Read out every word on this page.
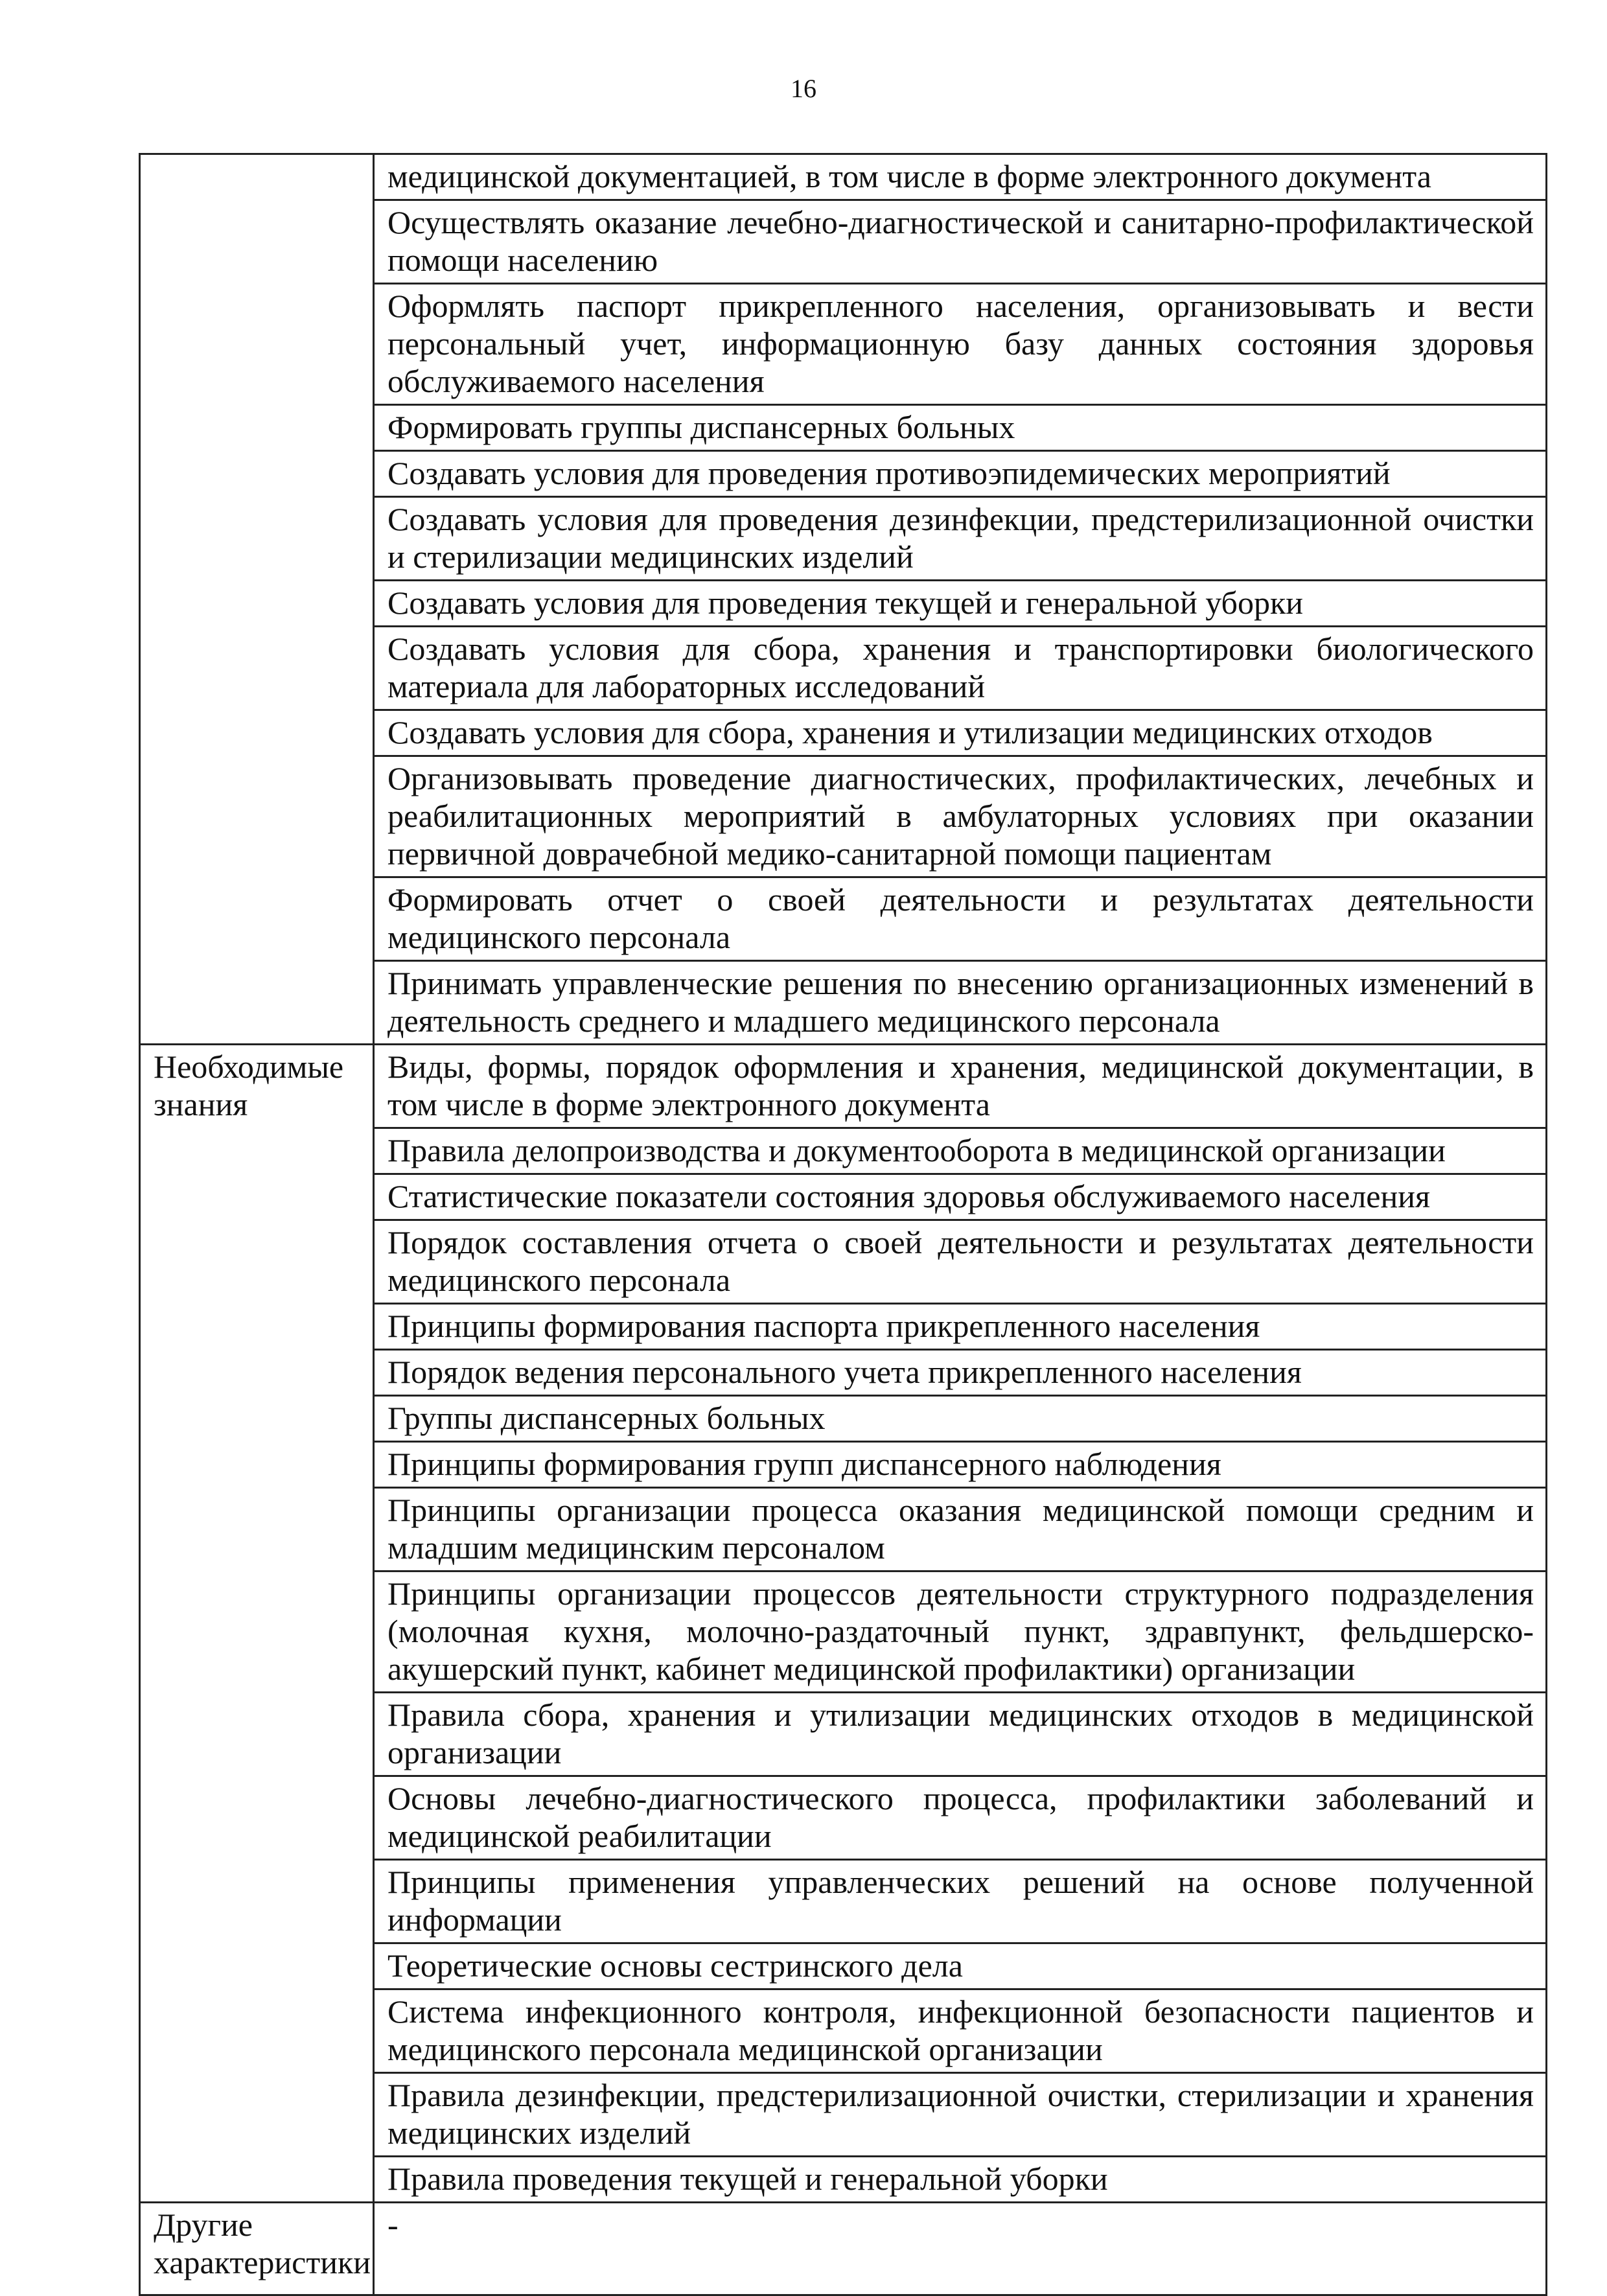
16
	медицинской документацией, в том числе в форме электронного документа
	Осуществлять оказание лечебно-диагностической и санитарно-профилактической помощи населению
	Оформлять паспорт прикрепленного населения, организовывать и вести персональный учет, информационную базу данных состояния здоровья обслуживаемого населения
	Формировать группы диспансерных больных
	Создавать условия для проведения противоэпидемических мероприятий
	Создавать условия для проведения дезинфекции, предстерилизационной очистки и стерилизации медицинских изделий
	Создавать условия для проведения текущей и генеральной уборки
	Создавать условия для сбора, хранения и транспортировки биологического материала для лабораторных исследований
	Создавать условия для сбора, хранения и утилизации медицинских отходов
	Организовывать проведение диагностических, профилактических, лечебных и реабилитационных мероприятий в амбулаторных условиях при оказании первичной доврачебной медико-санитарной помощи пациентам
	Формировать отчет о своей деятельности и результатах деятельности медицинского персонала
	Принимать управленческие решения по внесению организационных изменений в деятельность среднего и младшего медицинского персонала
Необходимые знания	Виды, формы, порядок оформления и хранения, медицинской документации, в том числе в форме электронного документа
	Правила делопроизводства и документооборота в медицинской организации
	Статистические показатели состояния здоровья обслуживаемого населения
	Порядок составления отчета о своей деятельности и результатах деятельности медицинского персонала
	Принципы формирования паспорта прикрепленного населения
	Порядок ведения персонального учета прикрепленного населения
	Группы диспансерных больных
	Принципы формирования групп диспансерного наблюдения
	Принципы организации процесса оказания медицинской помощи средним и младшим медицинским персоналом
	Принципы организации процессов деятельности структурного подразделения (молочная кухня, молочно-раздаточный пункт, здравпункт, фельдшерско-акушерский пункт, кабинет медицинской профилактики) организации
	Правила сбора, хранения и утилизации медицинских отходов в медицинской организации
	Основы лечебно-диагностического процесса, профилактики заболеваний и медицинской реабилитации
	Принципы применения управленческих решений на основе полученной информации
	Теоретические основы сестринского дела
	Система инфекционного контроля, инфекционной безопасности пациентов и медицинского персонала медицинской организации
	Правила дезинфекции, предстерилизационной очистки, стерилизации и хранения медицинских изделий
	Правила проведения текущей и генеральной уборки
Другие характеристики	-
